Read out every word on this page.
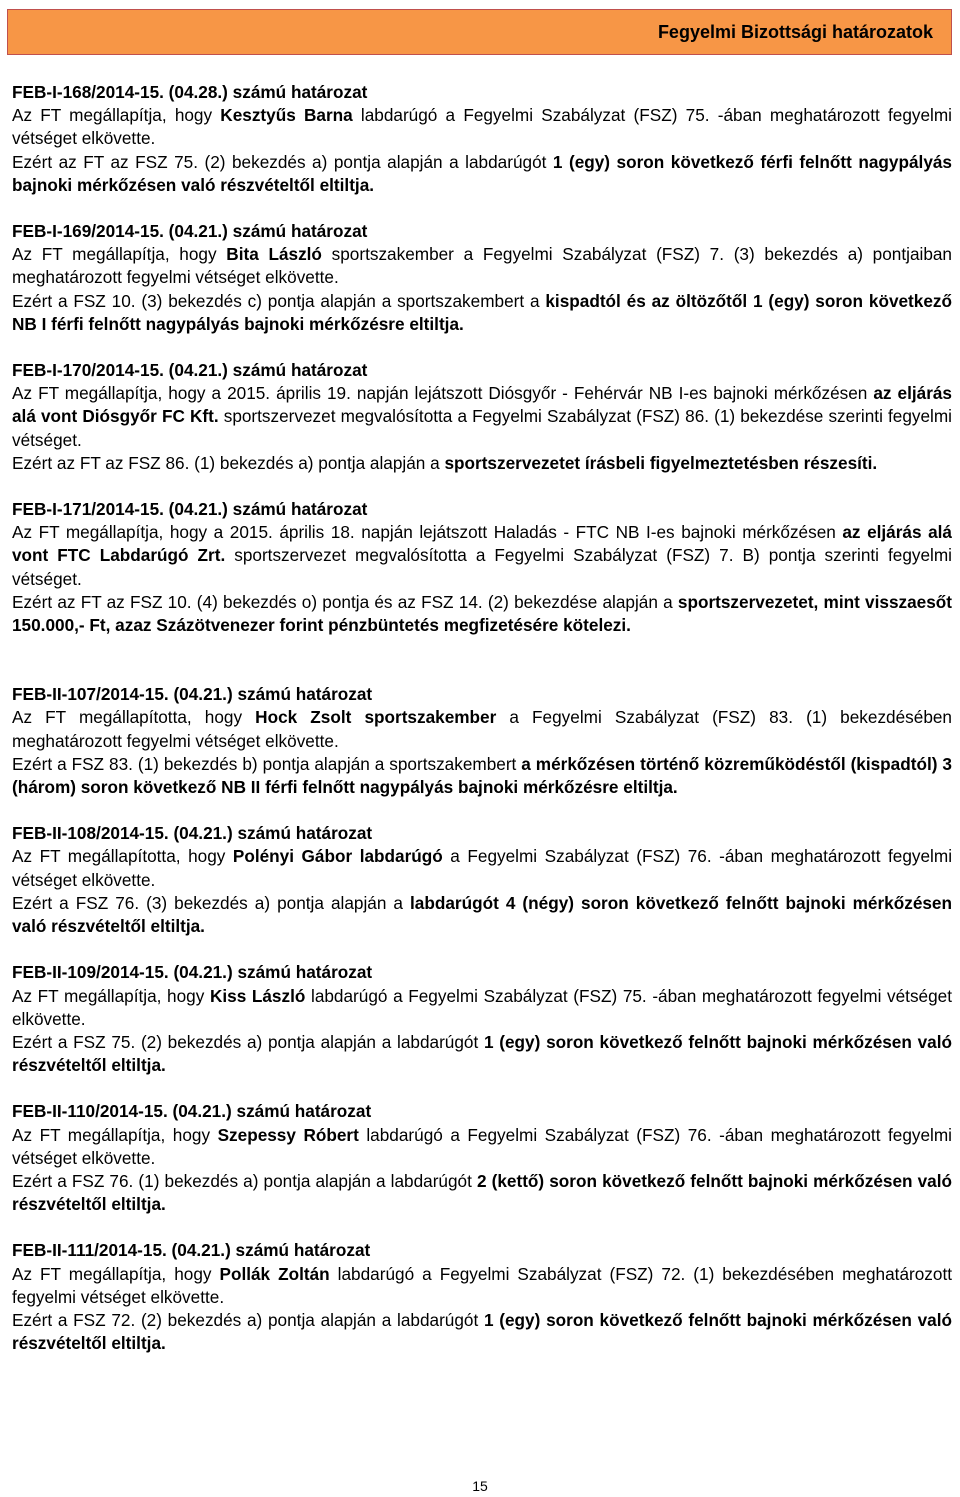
Fegyelmi Bizottsági határozatok

FEB-I-168/2014-15. (04.28.) számú határozat

Az FT megállapítja, hogy Kesztyűs Barna labdarúgó a Fegyelmi Szabályzat (FSZ) 75. -ában meghatározott fegyelmi vétséget elkövette.

Ezért az FT az FSZ 75. (2) bekezdés a) pontja alapján a labdarúgót 1 (egy) soron következő férfi felnőtt nagypályás bajnoki mérkőzésen való részvételtől eltiltja.

FEB-I-169/2014-15. (04.21.) számú határozat

Az FT megállapítja, hogy Bita László sportszakember a Fegyelmi Szabályzat (FSZ) 7. (3) bekezdés a) pontjaiban meghatározott fegyelmi vétséget elkövette.

Ezért a FSZ 10. (3) bekezdés c) pontja alapján a sportszakembert a kispadtól és az öltözőtől 1 (egy) soron következő NB I férfi felnőtt nagypályás bajnoki mérkőzésre eltiltja.

FEB-I-170/2014-15. (04.21.) számú határozat

Az FT megállapítja, hogy a 2015. április 19. napján lejátszott Diósgyőr - Fehérvár NB I-es bajnoki mérkőzésen az eljárás alá vont Diósgyőr FC Kft. sportszervezet megvalósította a Fegyelmi Szabályzat (FSZ) 86. (1) bekezdése szerinti fegyelmi vétséget.

Ezért az FT az FSZ 86. (1) bekezdés a) pontja alapján a sportszervezetet írásbeli figyelmeztetésben részesíti.

FEB-I-171/2014-15. (04.21.) számú határozat

Az FT megállapítja, hogy a 2015. április 18. napján lejátszott Haladás - FTC NB I-es bajnoki mérkőzésen az eljárás alá vont FTC Labdarúgó Zrt. sportszervezet megvalósította a Fegyelmi Szabályzat (FSZ) 7. B) pontja szerinti fegyelmi vétséget.

Ezért az FT az FSZ 10. (4) bekezdés o) pontja és az FSZ 14. (2) bekezdése alapján a sportszervezetet, mint visszaesőt 150.000,- Ft, azaz Százötvenezer forint pénzbüntetés megfizetésére kötelezi.

FEB-II-107/2014-15. (04.21.) számú határozat

Az FT megállapította, hogy Hock Zsolt sportszakember a Fegyelmi Szabályzat (FSZ) 83. (1) bekezdésében meghatározott fegyelmi vétséget elkövette.

Ezért a FSZ 83. (1) bekezdés b) pontja alapján a sportszakembert a mérkőzésen történő közreműködéstől (kispadtól) 3 (három) soron következő NB II férfi felnőtt nagypályás bajnoki mérkőzésre eltiltja.

FEB-II-108/2014-15. (04.21.) számú határozat

Az FT megállapította, hogy Polényi Gábor labdarúgó a Fegyelmi Szabályzat (FSZ) 76. -ában meghatározott fegyelmi vétséget elkövette.

Ezért a FSZ 76. (3) bekezdés a) pontja alapján a labdarúgót 4 (négy) soron következő felnőtt bajnoki mérkőzésen való részvételtől eltiltja.

FEB-II-109/2014-15. (04.21.) számú határozat

Az FT megállapítja, hogy Kiss László labdarúgó a Fegyelmi Szabályzat (FSZ) 75. -ában meghatározott fegyelmi vétséget elkövette.

Ezért a FSZ 75. (2) bekezdés a) pontja alapján a labdarúgót 1 (egy) soron következő felnőtt bajnoki mérkőzésen való részvételtől eltiltja.

FEB-II-110/2014-15. (04.21.) számú határozat

Az FT megállapítja, hogy Szepessy Róbert labdarúgó a Fegyelmi Szabályzat (FSZ) 76. -ában meghatározott fegyelmi vétséget elkövette.

Ezért a FSZ 76. (1) bekezdés a) pontja alapján a labdarúgót 2 (kettő) soron következő felnőtt bajnoki mérkőzésen való részvételtől eltiltja.

FEB-II-111/2014-15. (04.21.) számú határozat

Az FT megállapítja, hogy Pollák Zoltán labdarúgó a Fegyelmi Szabályzat (FSZ) 72. (1) bekezdésében meghatározott fegyelmi vétséget elkövette.

Ezért a FSZ 72. (2) bekezdés a) pontja alapján a labdarúgót 1 (egy) soron következő felnőtt bajnoki mérkőzésen való részvételtől eltiltja.

15
